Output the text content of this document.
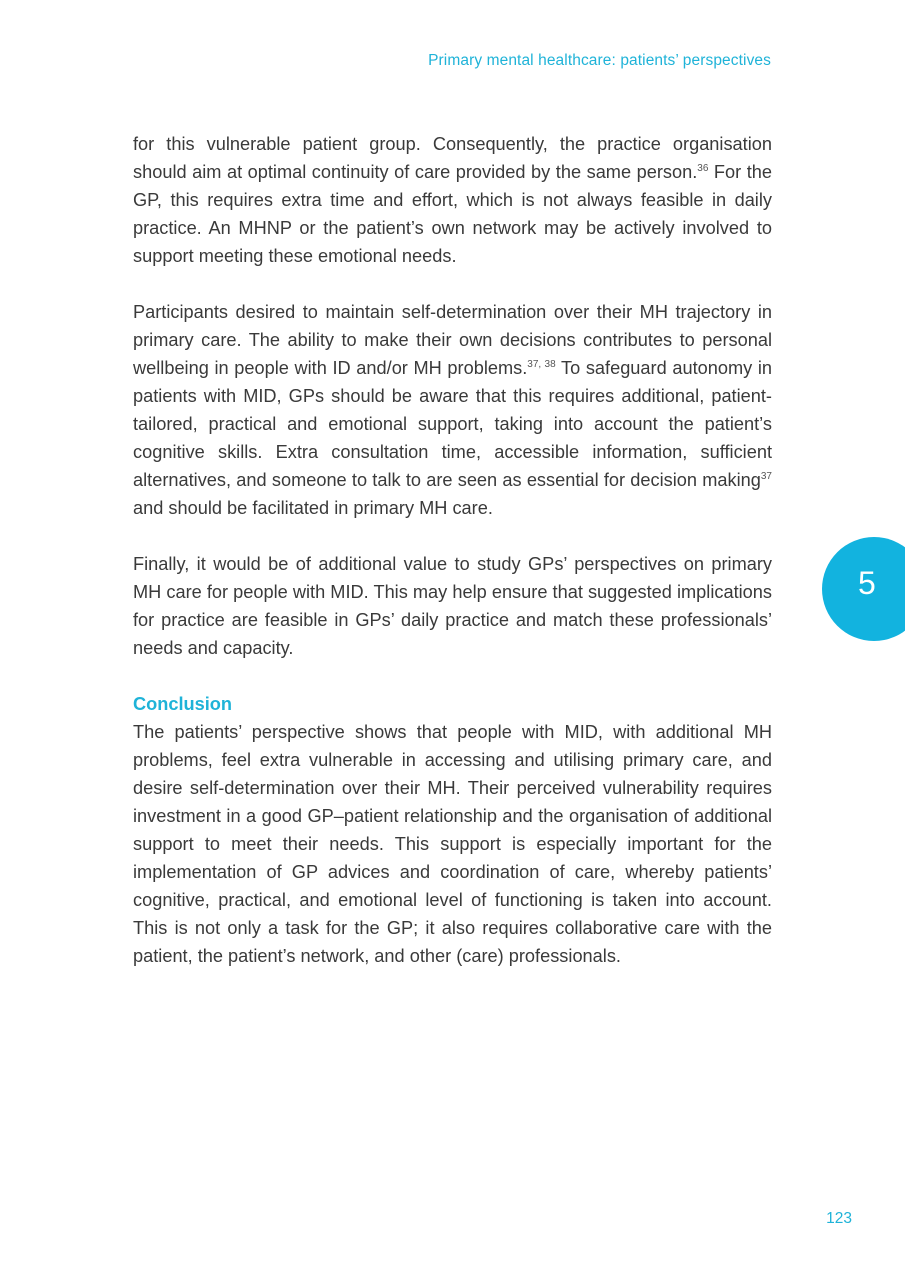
Primary mental healthcare: patients’ perspectives

for this vulnerable patient group. Consequently, the practice organisation should aim at optimal continuity of care provided by the same person.$^{36}$ For the GP, this requires extra time and effort, which is not always feasible in daily practice. An MHNP or the patient’s own network may be actively involved to support meeting these emotional needs.

Participants desired to maintain self-determination over their MH trajectory in primary care. The ability to make their own decisions contributes to personal wellbeing in people with ID and/or MH problems.$^{37, 38}$ To safeguard autonomy in patients with MID, GPs should be aware that this requires additional, patient-tailored, practical and emotional support, taking into account the patient’s cognitive skills. Extra consultation time, accessible information, sufficient alternatives, and someone to talk to are seen as essential for decision making$^{37}$ and should be facilitated in primary MH care.

Finally, it would be of additional value to study GPs’ perspectives on primary MH care for people with MID. This may help ensure that suggested implications for practice are feasible in GPs’ daily practice and match these professionals’ needs and capacity.

Conclusion

The patients’ perspective shows that people with MID, with additional MH problems, feel extra vulnerable in accessing and utilising primary care, and desire self-determination over their MH. Their perceived vulnerability requires investment in a good GP–patient relationship and the organisation of additional support to meet their needs. This support is especially important for the implementation of GP advices and coordination of care, whereby patients’ cognitive, practical, and emotional level of functioning is taken into account. This is not only a task for the GP; it also requires collaborative care with the patient, the patient’s network, and other (care) professionals.

5
123
